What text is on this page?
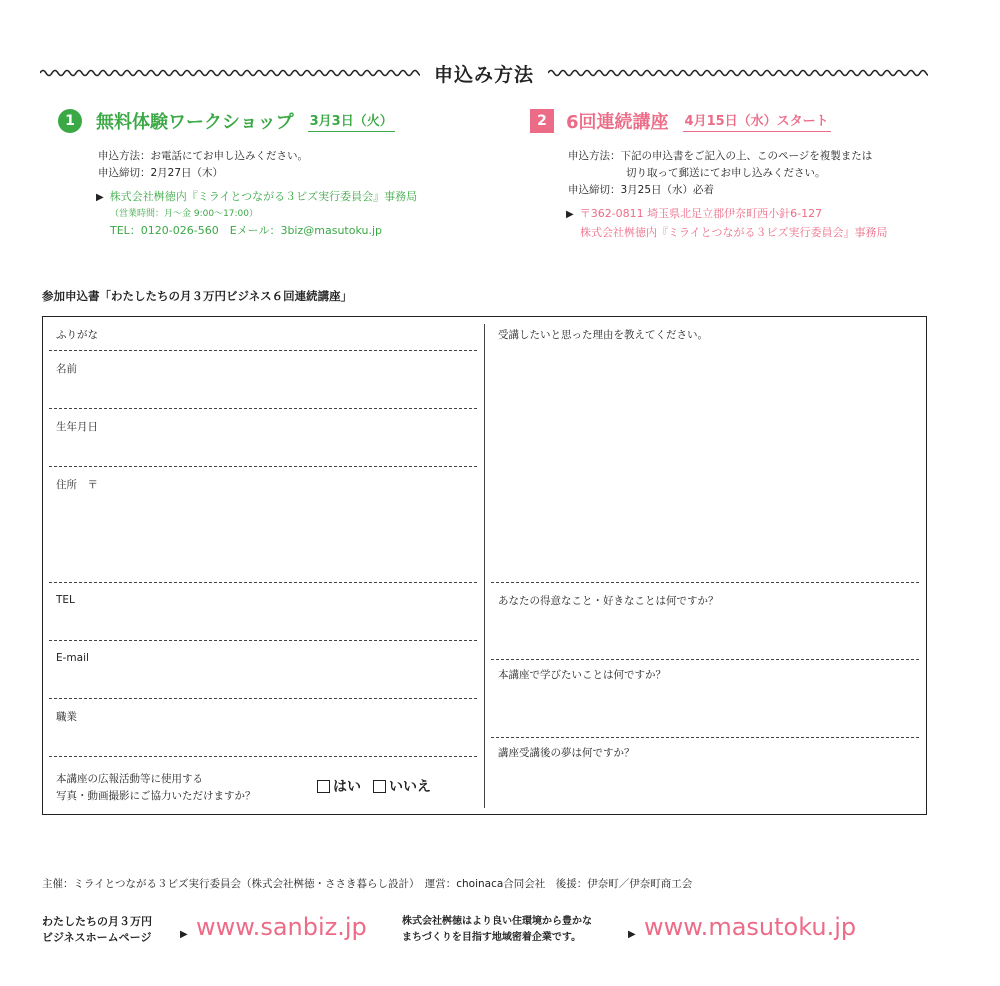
申込み方法
1	無料体験ワークショップ 3月3日（火）
申込方法：お電話にてお申し込みください。
申込締切：2月27日（木）
▶ 株式会社桝徳内『ミライとつながる３ビズ実行委員会』事務局
（営業時間：月～金 9:00～17:00）
TEL：0120-026-560　Eメール：3biz@masutoku.jp
2	6回連続講座 4月15日（水）スタート
申込方法：下記の申込書をご記入の上、このページを複製または
切り取って郵送にてお申し込みください。
申込締切：3月25日（水）必着
▶ 〒362-0811 埼玉県北足立郡伊奈町西小針6-127
株式会社桝徳内『ミライとつながる３ビズ実行委員会』事務局
参加申込書「わたしたちの月３万円ビジネス６回連続講座」
ふりがな
名前
生年月日
住所　〒
TEL
E-mail
職業
本講座の広報活動等に使用する
写真・動画撮影にご協力いただけますか？
はい いいえ
受講したいと思った理由を教えてください。
あなたの得意なこと・好きなことは何ですか？
本講座で学びたいことは何ですか？
講座受講後の夢は何ですか？
主催：ミライとつながる３ビズ実行委員会（株式会社桝徳・ささき暮らし設計）　運営：choinaca合同会社　後援：伊奈町／伊奈町商工会
わたしたちの月３万円
ビジネスホームページ	▶ www.sanbiz.jp	株式会社桝徳はより良い住環境から豊かな
まちづくりを目指す地域密着企業です。	▶ www.masutoku.jp
